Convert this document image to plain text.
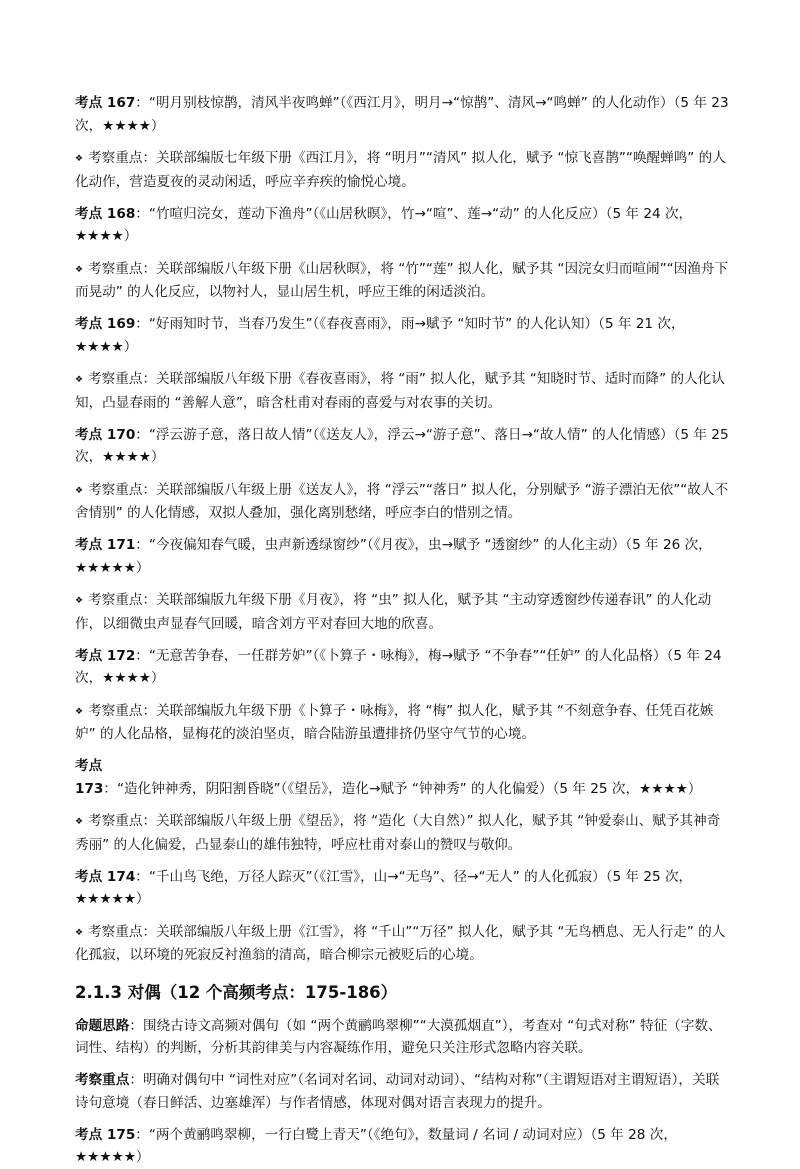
考点 167：“明月别枝惊鹊，清风半夜鸣蝉”（《西江月》，明月→“惊鹊”、清风→“鸣蝉” 的人化动作）（5 年 23 次，★★★★）

❖ 考察重点：关联部编版七年级下册《西江月》，将 “明月”“清风” 拟人化，赋予 “惊飞喜鹊”“唤醒蝉鸣” 的人化动作，营造夏夜的灵动闲适，呼应辛弃疾的愉悦心境。

考点 168：“竹喧归浣女，莲动下渔舟”（《山居秋暝》，竹→“喧”、莲→“动” 的人化反应）（5 年 24 次，★★★★）

❖ 考察重点：关联部编版八年级下册《山居秋暝》，将 “竹”“莲” 拟人化，赋予其 “因浣女归而喧闹”“因渔舟下而晃动” 的人化反应，以物衬人，显山居生机，呼应王维的闲适淡泊。

考点 169：“好雨知时节，当春乃发生”（《春夜喜雨》，雨→赋予 “知时节” 的人化认知）（5 年 21 次，★★★★）

❖ 考察重点：关联部编版八年级下册《春夜喜雨》，将 “雨” 拟人化，赋予其 “知晓时节、适时而降” 的人化认知，凸显春雨的 “善解人意”，暗含杜甫对春雨的喜爱与对农事的关切。

考点 170：“浮云游子意，落日故人情”（《送友人》，浮云→“游子意”、落日→“故人情” 的人化情感）（5 年 25 次，★★★★）

❖ 考察重点：关联部编版八年级上册《送友人》，将 “浮云”“落日” 拟人化，分别赋予 “游子漂泊无依”“故人不舍情别” 的人化情感，双拟人叠加，强化离别愁绪，呼应李白的惜别之情。

考点 171：“今夜偏知春气暖，虫声新透绿窗纱”（《月夜》，虫→赋予 “透窗纱” 的人化主动）（5 年 26 次，★★★★★）

❖ 考察重点：关联部编版九年级下册《月夜》，将 “虫” 拟人化，赋予其 “主动穿透窗纱传递春讯” 的人化动作，以细微虫声显春气回暖，暗含刘方平对春回大地的欣喜。

考点 172：“无意苦争春，一任群芳妒”（《卜算子・咏梅》，梅→赋予 “不争春”“任妒” 的人化品格）（5 年 24 次，★★★★）

❖ 考察重点：关联部编版九年级下册《卜算子・咏梅》，将 “梅” 拟人化，赋予其 “不刻意争春、任凭百花嫉妒” 的人化品格，显梅花的淡泊坚贞，暗合陆游虽遭排挤仍坚守气节的心境。

考点 173：“造化钟神秀，阴阳割昏晓”（《望岳》，造化→赋予 “钟神秀” 的人化偏爱）（5 年 25 次，★★★★）

❖ 考察重点：关联部编版八年级上册《望岳》，将 “造化（大自然）” 拟人化，赋予其 “钟爱泰山、赋予其神奇秀丽” 的人化偏爱，凸显泰山的雄伟独特，呼应杜甫对泰山的赞叹与敬仰。

考点 174：“千山鸟飞绝，万径人踪灭”（《江雪》，山→“无鸟”、径→“无人” 的人化孤寂）（5 年 25 次，★★★★★）

❖ 考察重点：关联部编版八年级上册《江雪》，将 “千山”“万径” 拟人化，赋予其 “无鸟栖息、无人行走” 的人化孤寂，以环境的死寂反衬渔翁的清高，暗合柳宗元被贬后的心境。

2.1.3 对偶（12 个高频考点：175-186）

命题思路：围绕古诗文高频对偶句（如 “两个黄鹂鸣翠柳”“大漠孤烟直”），考查对 “句式对称” 特征（字数、词性、结构）的判断，分析其韵律美与内容凝练作用，避免只关注形式忽略内容关联。

考察重点：明确对偶句中 “词性对应”（名词对名词、动词对动词）、“结构对称”（主谓短语对主谓短语），关联诗句意境（春日鲜活、边塞雄浑）与作者情感，体现对偶对语言表现力的提升。

考点 175：“两个黄鹂鸣翠柳，一行白鹭上青天”（《绝句》，数量词 / 名词 / 动词对应）（5 年 28 次，★★★★★）
